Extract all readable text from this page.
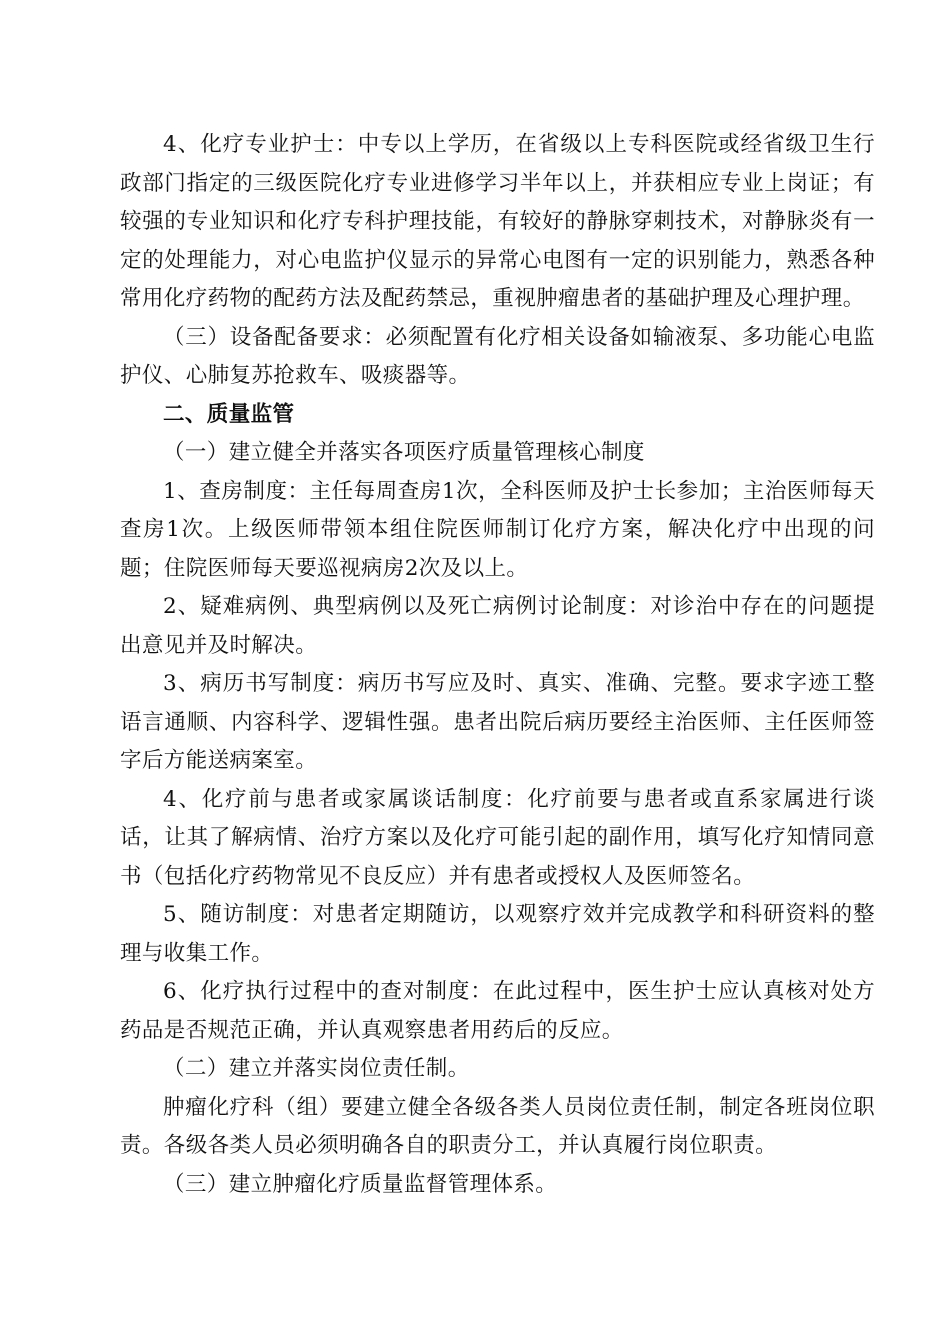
4、化疗专业护士：中专以上学历，在省级以上专科医院或经省级卫生行政部门指定的三级医院化疗专业进修学习半年以上，并获相应专业上岗证；有较强的专业知识和化疗专科护理技能，有较好的静脉穿刺技术，对静脉炎有一定的处理能力，对心电监护仪显示的异常心电图有一定的识别能力，熟悉各种常用化疗药物的配药方法及配药禁忌，重视肿瘤患者的基础护理及心理护理。

（三）设备配备要求：必须配置有化疗相关设备如输液泵、多功能心电监护仪、心肺复苏抢救车、吸痰器等。

二、质量监管

（一）建立健全并落实各项医疗质量管理核心制度

1、查房制度：主任每周查房1次，全科医师及护士长参加；主治医师每天查房1次。上级医师带领本组住院医师制订化疗方案，解决化疗中出现的问题；住院医师每天要巡视病房2次及以上。

2、疑难病例、典型病例以及死亡病例讨论制度：对诊治中存在的问题提出意见并及时解决。

3、病历书写制度：病历书写应及时、真实、准确、完整。要求字迹工整语言通顺、内容科学、逻辑性强。患者出院后病历要经主治医师、主任医师签字后方能送病案室。

4、化疗前与患者或家属谈话制度：化疗前要与患者或直系家属进行谈话，让其了解病情、治疗方案以及化疗可能引起的副作用，填写化疗知情同意书（包括化疗药物常见不良反应）并有患者或授权人及医师签名。

5、随访制度：对患者定期随访，以观察疗效并完成教学和科研资料的整理与收集工作。

6、化疗执行过程中的查对制度：在此过程中，医生护士应认真核对处方药品是否规范正确，并认真观察患者用药后的反应。

（二）建立并落实岗位责任制。

肿瘤化疗科（组）要建立健全各级各类人员岗位责任制，制定各班岗位职责。各级各类人员必须明确各自的职责分工，并认真履行岗位职责。

（三）建立肿瘤化疗质量监督管理体系。
